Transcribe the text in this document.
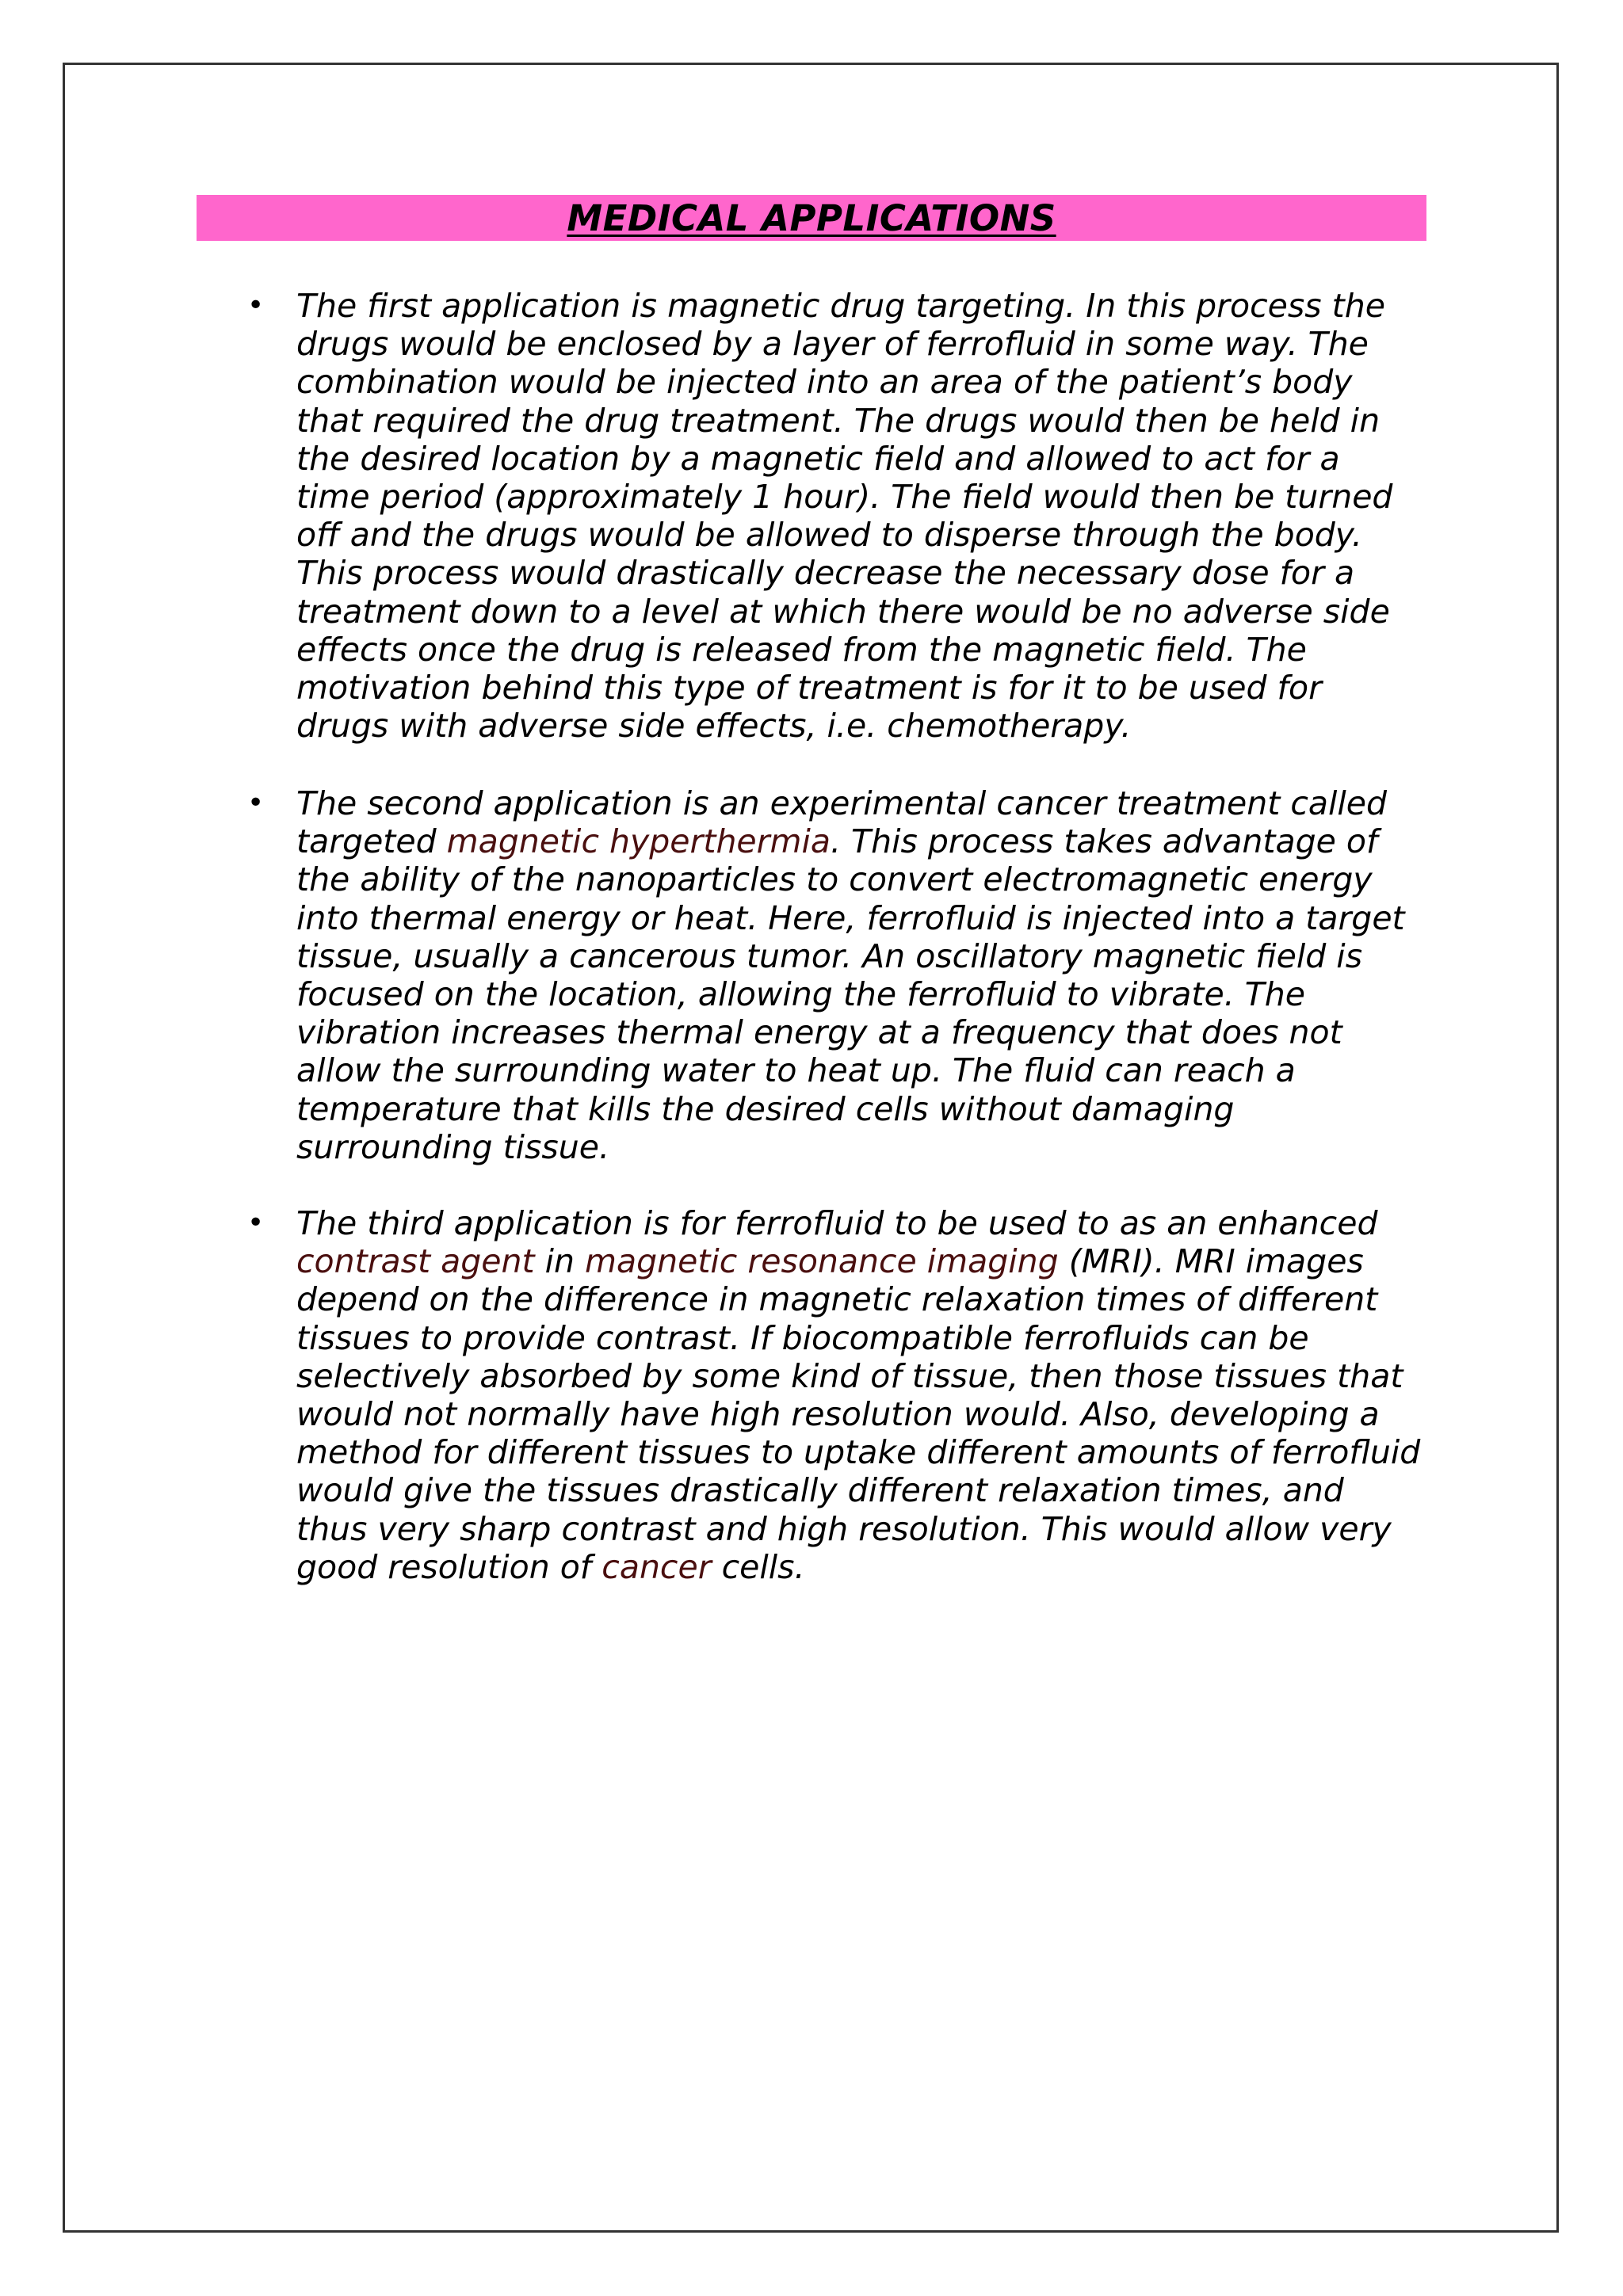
MEDICAL APPLICATIONS
• The first application is magnetic drug targeting. In this process the
drugs would be enclosed by a layer of ferrofluid in some way. The
combination would be injected into an area of the patient’s body
that required the drug treatment. The drugs would then be held in
the desired location by a magnetic field and allowed to act for a
time period (approximately 1 hour). The field would then be turned
off and the drugs would be allowed to disperse through the body.
This process would drastically decrease the necessary dose for a
treatment down to a level at which there would be no adverse side
effects once the drug is released from the magnetic field. The
motivation behind this type of treatment is for it to be used for
drugs with adverse side effects, i.e. chemotherapy.
• The second application is an experimental cancer treatment called
targeted magnetic hyperthermia. This process takes advantage of
the ability of the nanoparticles to convert electromagnetic energy
into thermal energy or heat. Here, ferrofluid is injected into a target
tissue, usually a cancerous tumor. An oscillatory magnetic field is
focused on the location, allowing the ferrofluid to vibrate. The
vibration increases thermal energy at a frequency that does not
allow the surrounding water to heat up. The fluid can reach a
temperature that kills the desired cells without damaging
surrounding tissue.
• The third application is for ferrofluid to be used to as an enhanced
contrast agent in magnetic resonance imaging (MRI). MRI images
depend on the difference in magnetic relaxation times of different
tissues to provide contrast. If biocompatible ferrofluids can be
selectively absorbed by some kind of tissue, then those tissues that
would not normally have high resolution would. Also, developing a
method for different tissues to uptake different amounts of ferrofluid
would give the tissues drastically different relaxation times, and
thus very sharp contrast and high resolution. This would allow very
good resolution of cancer cells.
